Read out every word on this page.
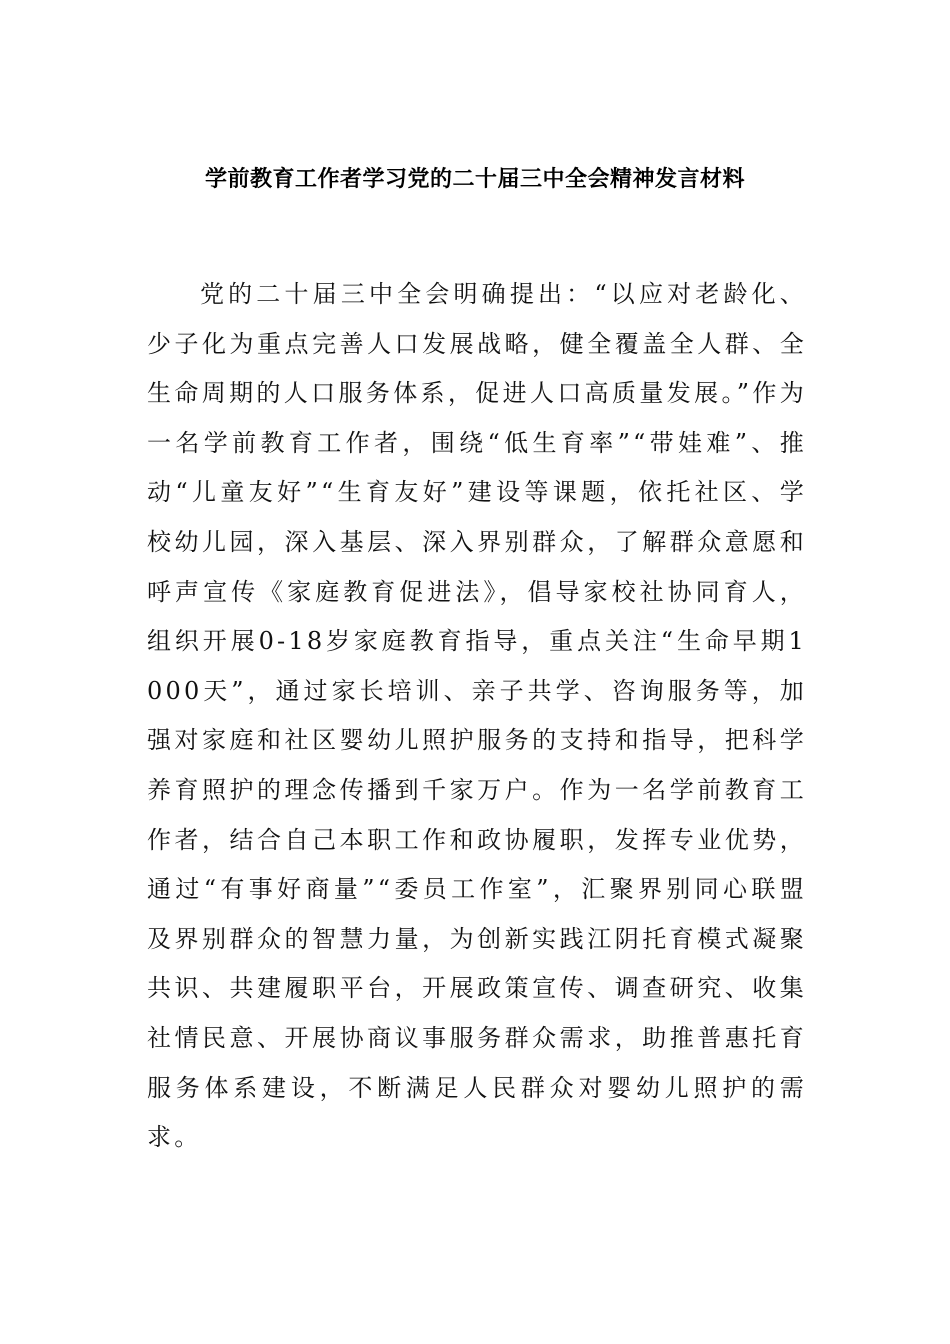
学前教育工作者学习党的二十届三中全会精神发言材料

党的二十届三中全会明确提出：“以应对老龄化、少子化为重点完善人口发展战略，健全覆盖全人群、全生命周期的人口服务体系，促进人口高质量发展。”作为一名学前教育工作者，围绕“低生育率”“带娃难”、推动“儿童友好”“生育友好”建设等课题，依托社区、学校幼儿园，深入基层、深入界别群众，了解群众意愿和呼声宣传《家庭教育促进法》，倡导家校社协同育人，组织开展0-18岁家庭教育指导，重点关注“生命早期1000天”，通过家长培训、亲子共学、咨询服务等，加强对家庭和社区婴幼儿照护服务的支持和指导，把科学养育照护的理念传播到千家万户。作为一名学前教育工作者，结合自己本职工作和政协履职，发挥专业优势，通过“有事好商量”“委员工作室”，汇聚界别同心联盟及界别群众的智慧力量，为创新实践江阴托育模式凝聚共识、共建履职平台，开展政策宣传、调查研究、收集社情民意、开展协商议事服务群众需求，助推普惠托育服务体系建设，不断满足人民群众对婴幼儿照护的需求。
